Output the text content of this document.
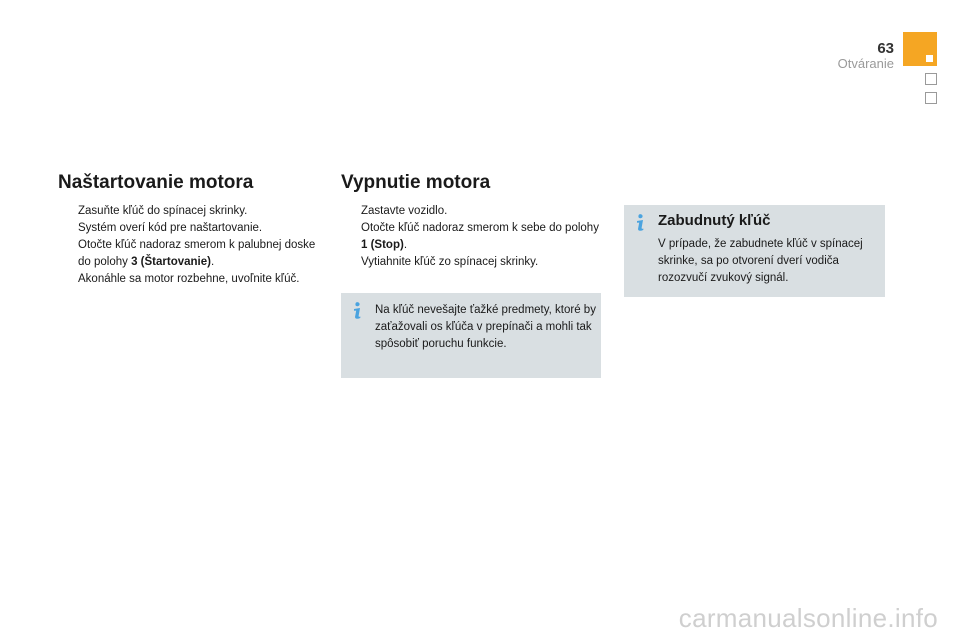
63
Otváranie
Naštartovanie motora
Zasuňte kľúč do spínacej skrinky.
Systém overí kód pre naštartovanie.
Otočte kľúč nadoraz smerom k palubnej doske do polohy 3 (Štartovanie).
Akonáhle sa motor rozbehne, uvoľnite kľúč.
Vypnutie motora
Zastavte vozidlo.
Otočte kľúč nadoraz smerom k sebe do polohy 1 (Stop).
Vytiahnite kľúč zo spínacej skrinky.
Na kľúč nevešajte ťažké predmety, ktoré by zaťažovali os kľúča v prepínači a mohli tak spôsobiť poruchu funkcie.
Zabudnutý kľúč
V prípade, že zabudnete kľúč v spínacej skrinke, sa po otvorení dverí vodiča rozozvučí zvukový signál.
carmanualsonline.info
